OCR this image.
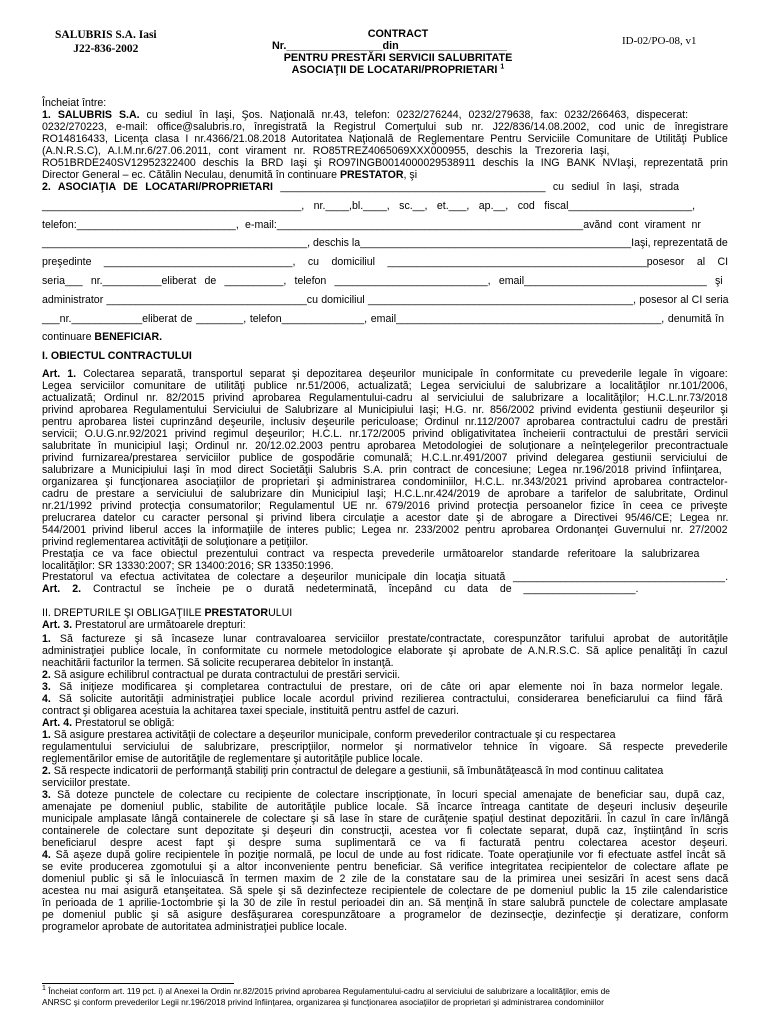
SALUBRIS S.A. Iasi
J22-836-2002
CONTRACT
Nr.________________din__________________
PENTRU PRESTĂRI SERVICII SALUBRITATE
ASOCIAŢII DE LOCATARI/PROPRIETARI $^1$
ID-02/PO-08, v1
Încheiat între:
1. SALUBRIS S.A. cu sediul în Iaşi, Şos. Naţională nr.43, telefon: 0232/276244, 0232/279638, fax: 0232/266463, dispecerat:
0232/270223, e-mail: office@salubris.ro, înregistrată la Registrul Comerţului sub nr. J22/836/14.08.2002, cod unic de înregistrare
RO14816433, Licenţa clasa I nr.4366/21.08.2018 Autoritatea Naţională de Reglementare Pentru Serviciile Comunitare de Utilităţi Publice
(A.N.R.S.C), A.I.M.nr.6/27.06.2011, cont virament nr. RO85TREZ4065069XXX000955, deschis la Trezoreria Iaşi,
RO51BRDE240SV12952322400 deschis la BRD Iaşi şi RO97INGB0014000029538911 deschis la ING BANK NVIaşi, reprezentată prin
Director General – ec. Cătălin Neculau, denumită în continuare PRESTATOR, şi
2. ASOCIAŢIA DE LOCATARI/PROPRIETARI _____________________________________________ cu sediul în Iaşi, strada
____________________________________________, nr.____,bl.____, sc.__, et.___, ap.__, cod fiscal_____________________,
telefon:___________________________, e-mail:____________________________________________________avănd cont virament nr
_____________________________________________, deschis la______________________________________________Iaşi, reprezentată de
preşedinte ________________________________, cu domiciliul ____________________________________________posesor al CI
seria___ nr.__________eliberat de __________, telefon __________________________, email_______________________________ şi
administrator __________________________________cu domiciliul _____________________________________________, posesor al CI seria
___nr.____________eliberat de ________, telefon______________, email_____________________________________________, denumită în
continuare BENEFICIAR.
I. OBIECTUL CONTRACTULUI
Art. 1. Colectarea separată, transportul separat şi depozitarea deşeurilor municipale în conformitate cu prevederile legale în vigoare:
Legea serviciilor comunitare de utilităţi publice nr.51/2006, actualizată; Legea serviciului de salubrizare a localităţilor nr.101/2006,
actualizată; Ordinul nr. 82/2015 privind aprobarea Regulamentului-cadru al serviciului de salubrizare a localităţilor; H.C.L.nr.73/2018
privind aprobarea Regulamentului Serviciului de Salubrizare al Municipiului Iaşi; H.G. nr. 856/2002 privind evidenta gestiunii deşeurilor şi
pentru aprobarea listei cuprinzând deşeurile, inclusiv deşeurile periculoase; Ordinul nr.112/2007 aprobarea contractului cadru de prestări
servicii; O.U.G.nr.92/2021 privind regimul deşeurilor; H.C.L. nr.172/2005 privind obligativitatea încheierii contractului de prestări servicii
salubritate în municipiul Iaşi; Ordinul nr. 20/12.02.2003 pentru aprobarea Metodologiei de soluţionare a neînţelegerilor precontractuale
privind furnizarea/prestarea serviciilor publice de gospodărie comunală; H.C.L.nr.491/2007 privind delegarea gestiunii serviciului de
salubrizare a Municipiului Iaşi în mod direct Societăţii Salubris S.A. prin contract de concesiune; Legea nr.196/2018 privind înfiinţarea,
organizarea şi funcţionarea asociaţiilor de proprietari şi administrarea condominiilor, H.C.L. nr.343/2021 privind aprobarea contractelor-
cadru de prestare a serviciului de salubrizare din Municipiul Iaşi; H.C.L.nr.424/2019 de aprobare a tarifelor de salubritate, Ordinul
nr.21/1992 privind protecţia consumatorilor; Regulamentul UE nr. 679/2016 privind protecţia persoanelor fizice în ceea ce priveşte
prelucrarea datelor cu caracter personal şi privind libera circulaţie a acestor date şi de abrogare a Directivei 95/46/CE; Legea nr.
544/2001 privind liberul acces la informaţiile de interes public; Legea nr. 233/2002 pentru aprobarea Ordonanţei Guvernului nr. 27/2002
privind reglementarea activităţii de soluţionare a petiţiilor.
Prestaţia ce va face obiectul prezentului contract va respecta prevederile următoarelor standarde referitoare la salubrizarea
localităţilor: SR 13330:2007; SR 13400:2016; SR 13350:1996.
Prestatorul va efectua activitatea de colectare a deşeurilor municipale din locaţia situată ____________________________________.
Art. 2. Contractul se încheie pe o durată nedeterminată, începând cu data de ___________________.
II. DREPTURILE ŞI OBLIGAŢIILE PRESTATORULUI
Art. 3. Prestatorul are următoarele drepturi:
1. Să factureze şi să încaseze lunar contravaloarea serviciilor prestate/contractate, corespunzător tarifului aprobat de autorităţile
administraţiei publice locale, în conformitate cu normele metodologice elaborate şi aprobate de A.N.R.S.C. Să aplice penalităţi în cazul
neachitării facturilor la termen. Să solicite recuperarea debitelor în instanţă.
2. Să asigure echilibrul contractual pe durata contractului de prestări servicii.
3. Să iniţieze modificarea şi completarea contractului de prestare, ori de câte ori apar elemente noi în baza normelor legale.
4. Să solicite autorităţii administraţiei publice locale acordul privind rezilierea contractului, considerarea beneficiarului ca fiind fără
contract şi obligarea acestuia la achitarea taxei speciale, instituită pentru astfel de cazuri.
Art. 4. Prestatorul se obligă:
1. Să asigure prestarea activităţii de colectare a deşeurilor municipale, conform prevederilor contractuale şi cu respectarea
regulamentului serviciului de salubrizare, prescripţiilor, normelor şi normativelor tehnice în vigoare. Să respecte prevederile
reglementărilor emise de autorităţile de reglementare şi autorităţile publice locale.
2. Să respecte indicatorii de performanţă stabiliţi prin contractul de delegare a gestiunii, să îmbunătăţească în mod continuu calitatea
serviciilor prestate.
3. Să doteze punctele de colectare cu recipiente de colectare inscripţionate, în locuri special amenajate de beneficiar sau, după caz,
amenajate pe domeniul public, stabilite de autorităţile publice locale. Să încarce întreaga cantitate de deşeuri inclusiv deşeurile
municipale amplasate lângă containerele de colectare şi să lase în stare de curăţenie spaţiul destinat depozitării. În cazul în care în/lângă
containerele de colectare sunt depozitate şi deşeuri din construcţii, acestea vor fi colectate separat, după caz, înştiinţând în scris
beneficiarul despre acest fapt şi despre suma suplimentară ce va fi facturată pentru colectarea acestor deşeuri.
4. Să aşeze după golire recipientele în poziţie normală, pe locul de unde au fost ridicate. Toate operaţiunile vor fi efectuate astfel încât să
se evite producerea zgomotului şi a altor inconveniente pentru beneficiar. Să verifice integritatea recipientelor de colectare aflate pe
domeniul public şi să le înlocuiască în termen maxim de 2 zile de la constatare sau de la primirea unei sesizări în acest sens dacă
acestea nu mai asigură etanşeitatea. Să spele şi să dezinfecteze recipientele de colectare de pe domeniul public la 15 zile calendaristice
în perioada de 1 aprilie-1octombrie şi la 30 de zile în restul perioadei din an. Să menţină în stare salubră punctele de colectare amplasate
pe domeniul public şi să asigure desfăşurarea corespunzătoare a programelor de dezinsecţie, dezinfecţie şi deratizare, conform
programelor aprobate de autoritatea administraţiei publice locale.
$^1$ Încheiat conform art. 119 pct. i) al Anexei la Ordin nr.82/2015 privind aprobarea Regulamentului-cadru al serviciului de salubrizare a localităţilor, emis de
ANRSC şi conform prevederilor Legii nr.196/2018 privind înfiinţarea, organizarea şi funcţionarea asociaţiilor de proprietari şi administrarea condominiilor
